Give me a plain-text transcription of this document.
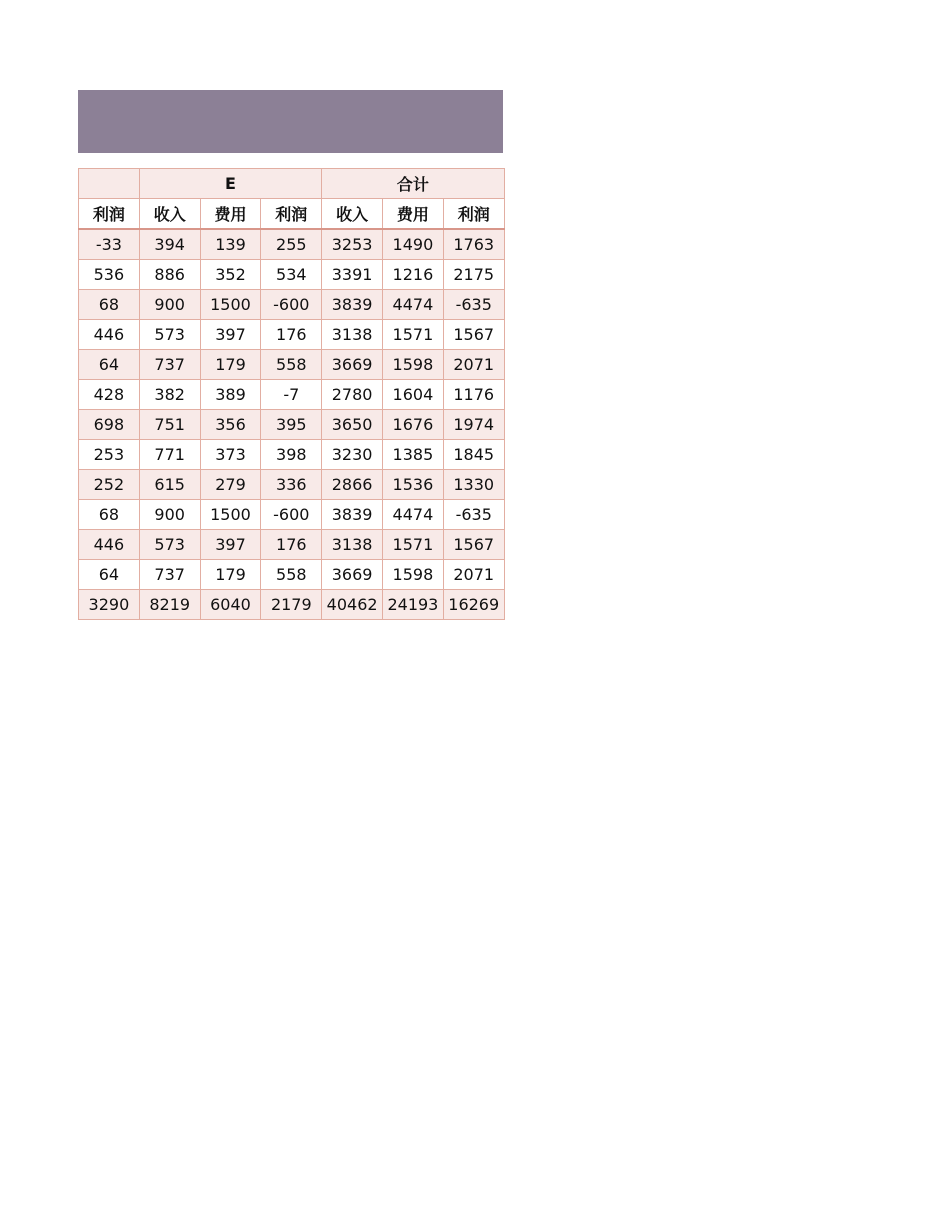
	E			合计		
利润	收入	费用	利润	收入	费用	利润
-33	394	139	255	3253	1490	1763
536	886	352	534	3391	1216	2175
68	900	1500	-600	3839	4474	-635
446	573	397	176	3138	1571	1567
64	737	179	558	3669	1598	2071
428	382	389	-7	2780	1604	1176
698	751	356	395	3650	1676	1974
253	771	373	398	3230	1385	1845
252	615	279	336	2866	1536	1330
68	900	1500	-600	3839	4474	-635
446	573	397	176	3138	1571	1567
64	737	179	558	3669	1598	2071
3290	8219	6040	2179	40462	24193	16269
